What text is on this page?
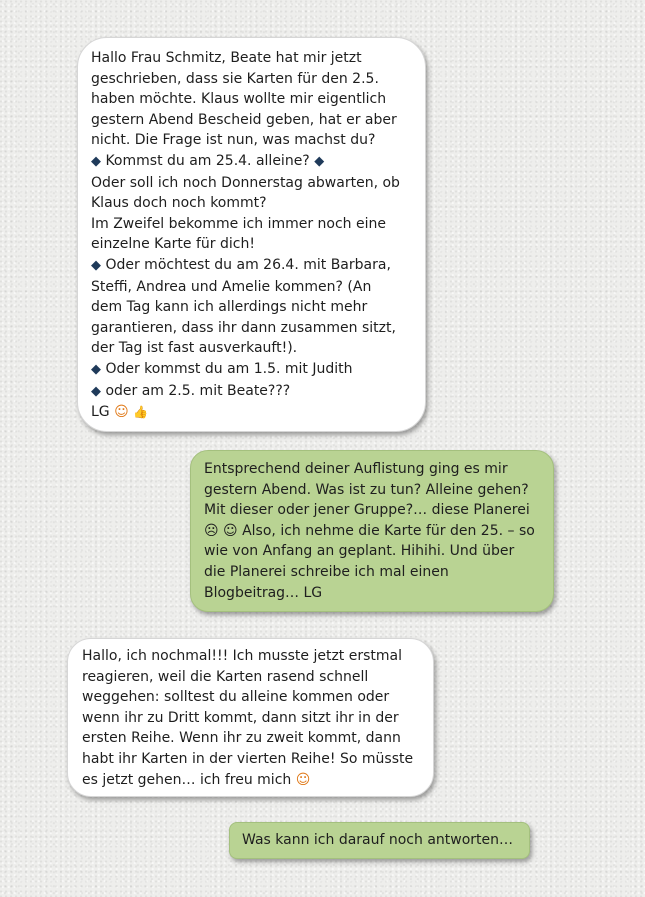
Hallo Frau Schmitz, Beate hat mir jetzt
geschrieben, dass sie Karten für den 2.5.
haben möchte. Klaus wollte mir eigentlich
gestern Abend Bescheid geben, hat er aber
nicht. Die Frage ist nun, was machst du?
◆ Kommst du am 25.4. alleine? ◆
Oder soll ich noch Donnerstag abwarten, ob
Klaus doch noch kommt?
Im Zweifel bekomme ich immer noch eine
einzelne Karte für dich!
◆ Oder möchtest du am 26.4. mit Barbara,
Steffi, Andrea und Amelie kommen? (An
dem Tag kann ich allerdings nicht mehr
garantieren, dass ihr dann zusammen sitzt,
der Tag ist fast ausverkauft!).
◆ Oder kommst du am 1.5. mit Judith
◆ oder am 2.5. mit Beate???
LG ☺ 👍
Entsprechend deiner Auflistung ging es mir
gestern Abend. Was ist zu tun? Alleine gehen?
Mit dieser oder jener Gruppe?… diese Planerei
☹ ☺ Also, ich nehme die Karte für den 25. – so
wie von Anfang an geplant. Hihihi. Und über
die Planerei schreibe ich mal einen
Blogbeitrag… LG
Hallo, ich nochmal!!! Ich musste jetzt erstmal
reagieren, weil die Karten rasend schnell
weggehen: solltest du alleine kommen oder
wenn ihr zu Dritt kommt, dann sitzt ihr in der
ersten Reihe. Wenn ihr zu zweit kommt, dann
habt ihr Karten in der vierten Reihe! So müsste
es jetzt gehen… ich freu mich ☺
Was kann ich darauf noch antworten…
